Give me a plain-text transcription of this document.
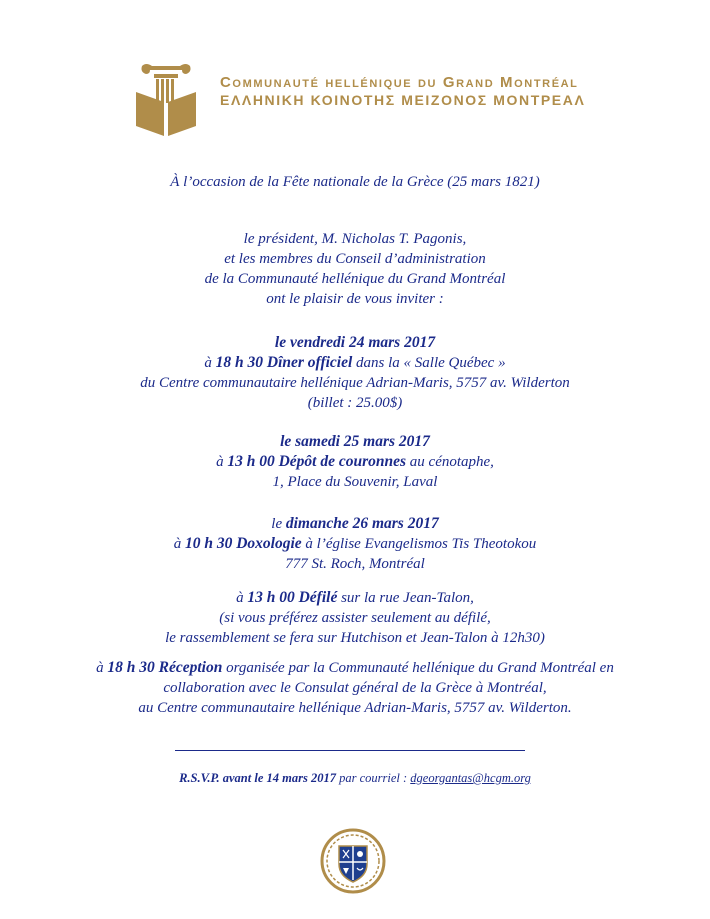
Communauté hellénique du Grand Montréal
ΕΛΛΗΝΙΚΗ ΚΟΙΝΟΤΗΣ ΜΕΙΖΟΝΟΣ ΜΟΝΤΡΕΑΛ
À l’occasion de la Fête nationale de la Grèce (25 mars 1821)
le président, M. Nicholas T. Pagonis,
et les membres du Conseil d’administration
de la Communauté hellénique du Grand Montréal
ont le plaisir de vous inviter :
le vendredi 24 mars 2017
à 18 h 30 Dîner officiel dans la « Salle Québec »
du Centre communautaire hellénique Adrian-Maris, 5757 av. Wilderton
(billet : 25.00$)
le samedi 25 mars 2017
à 13 h 00 Dépôt de couronnes au cénotaphe,
1, Place du Souvenir, Laval
le dimanche 26 mars 2017
à 10 h 30 Doxologie à l’église Evangelismos Tis Theotokou
777 St. Roch, Montréal
à 13 h 00 Défilé sur la rue Jean-Talon,
(si vous préférez assister seulement au défilé,
le rassemblement se fera sur Hutchison et Jean-Talon à 12h30)
à 18 h 30 Réception organisée par la Communauté hellénique du Grand Montréal en
collaboration avec le Consulat général de la Grèce à Montréal,
au Centre communautaire hellénique Adrian-Maris, 5757 av. Wilderton.
R.S.V.P. avant le 14 mars 2017 par courriel : dgeorgantas@hcgm.org
